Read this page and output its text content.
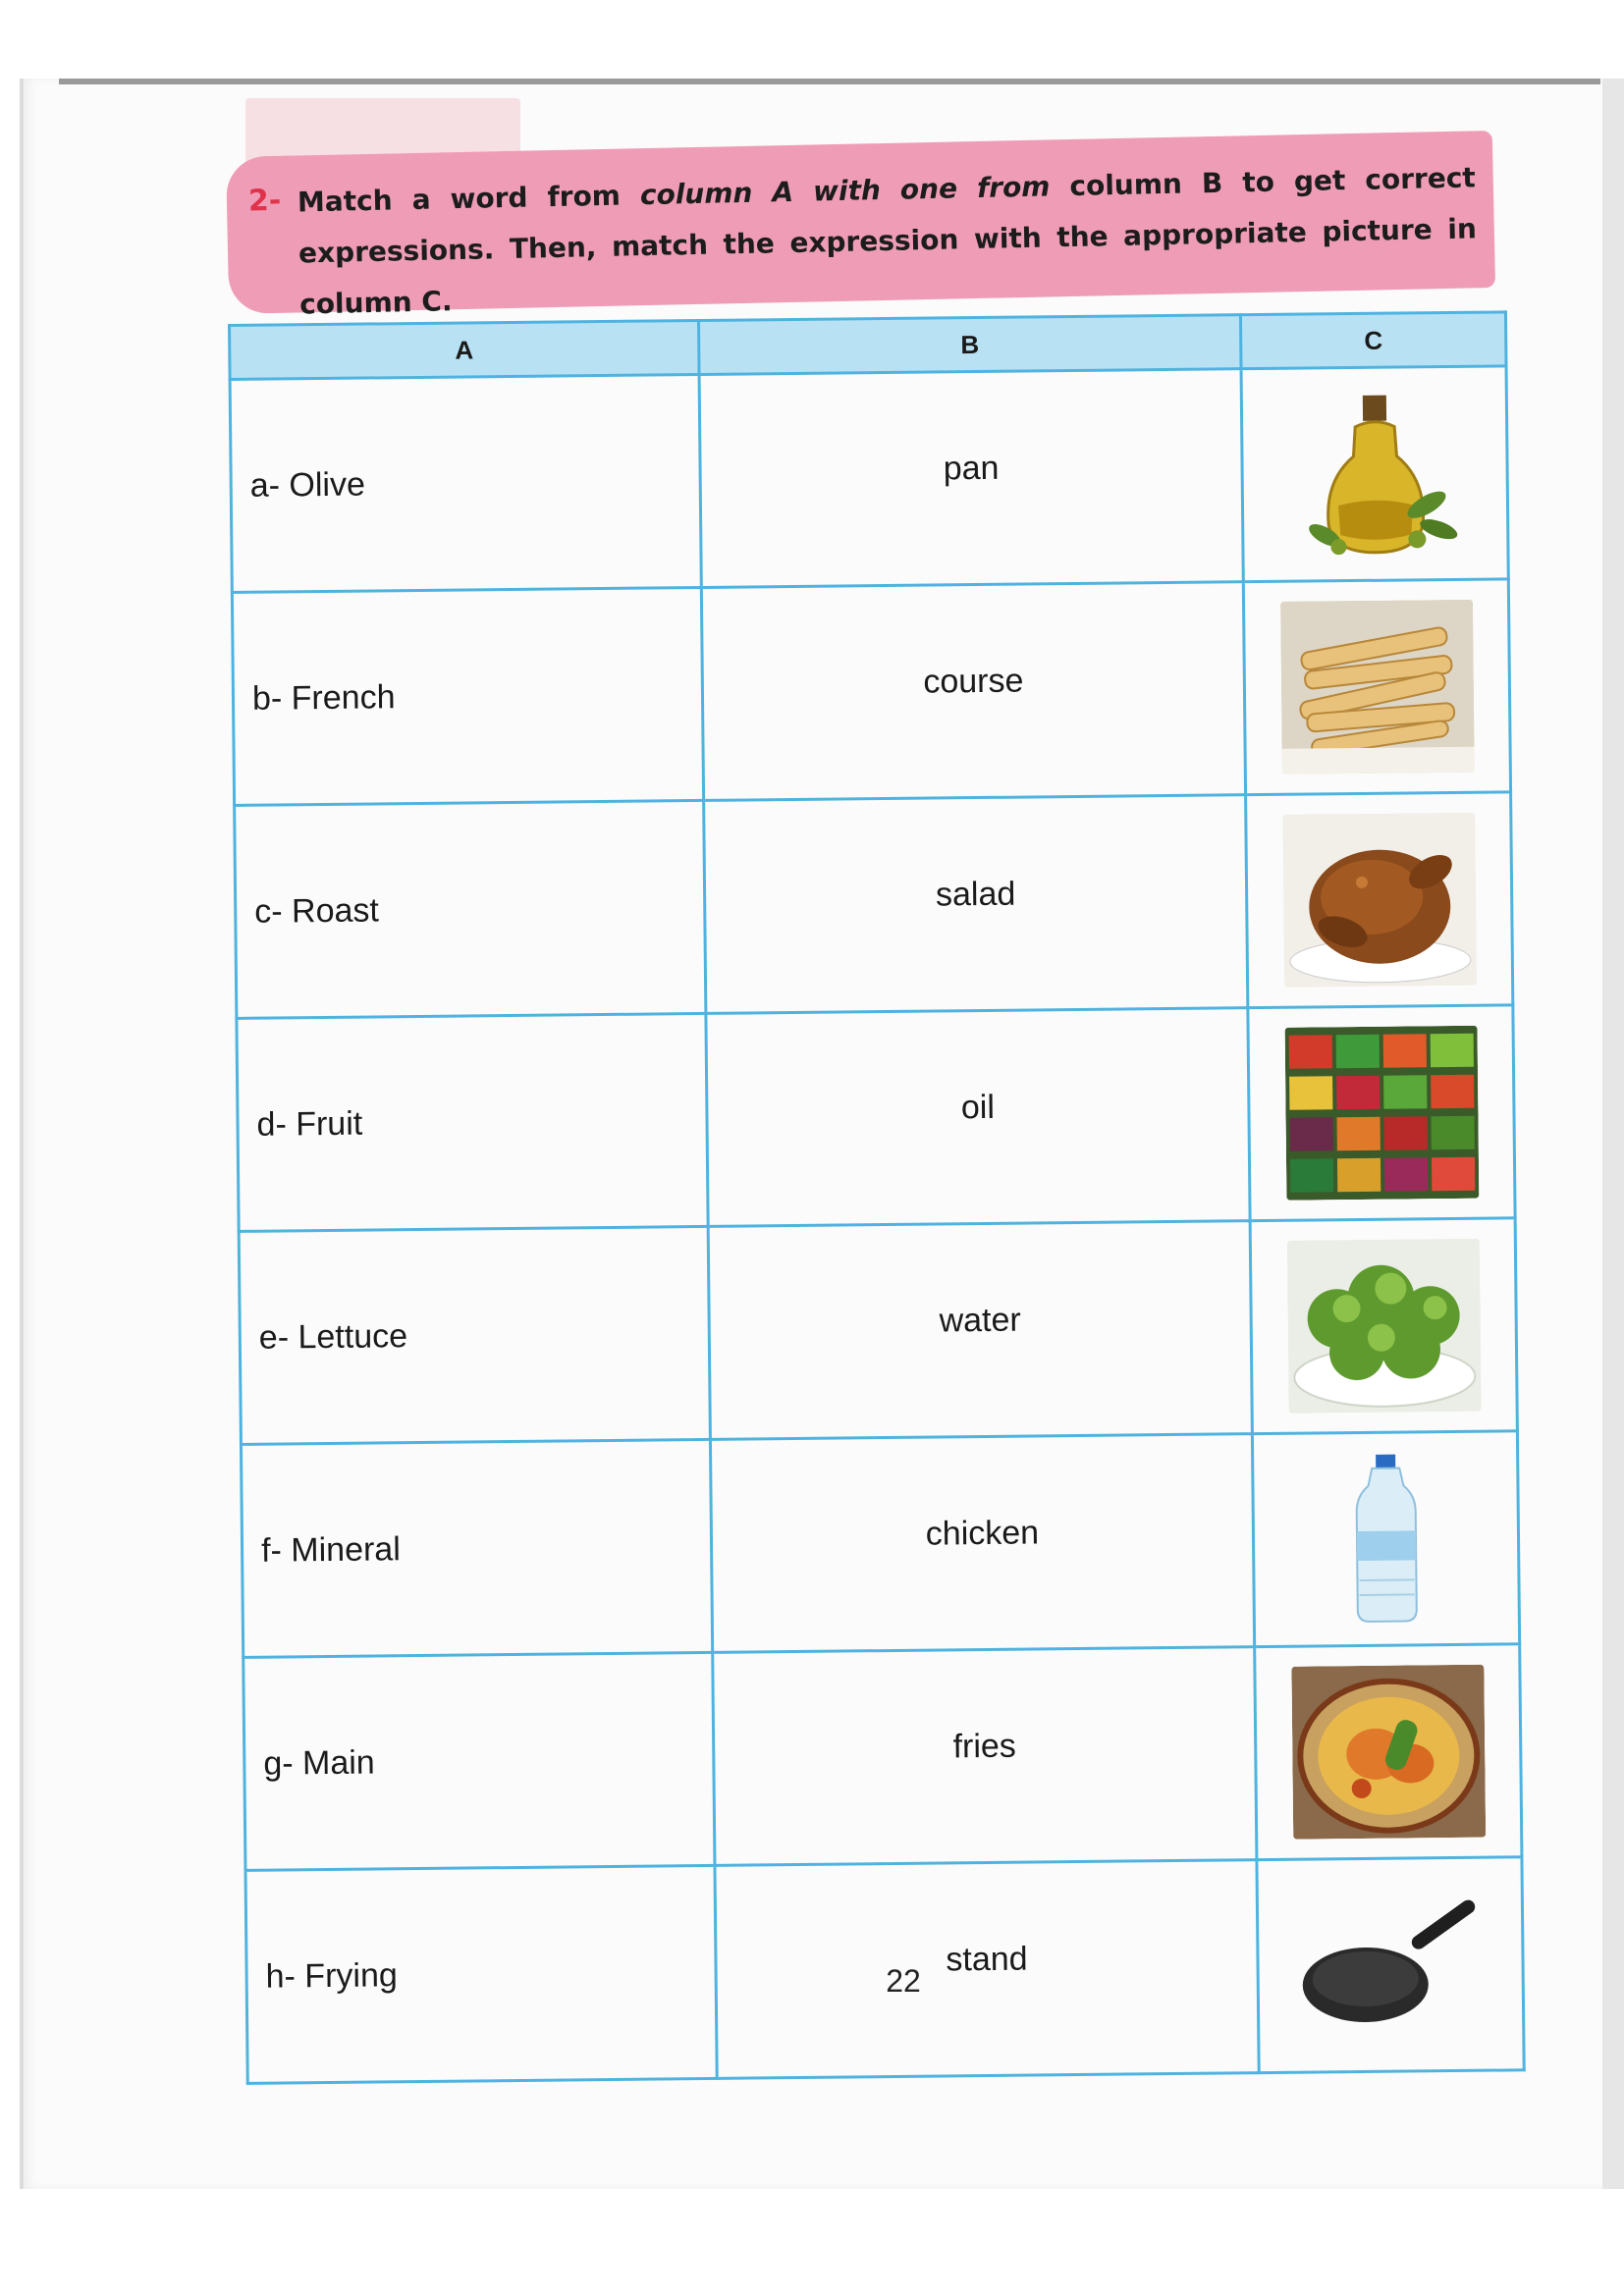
2- Match a word from column A with one from column B to get correct expressions. Then, match the expression with the appropriate picture in column C.
A	B	C
a- Olive	pan	

b- French	course	

c- Roast	salad	

d- Fruit	oil	

e- Lettuce	water	

f- Mineral	chicken	

g- Main	fries	

h- Frying	stand	
22
